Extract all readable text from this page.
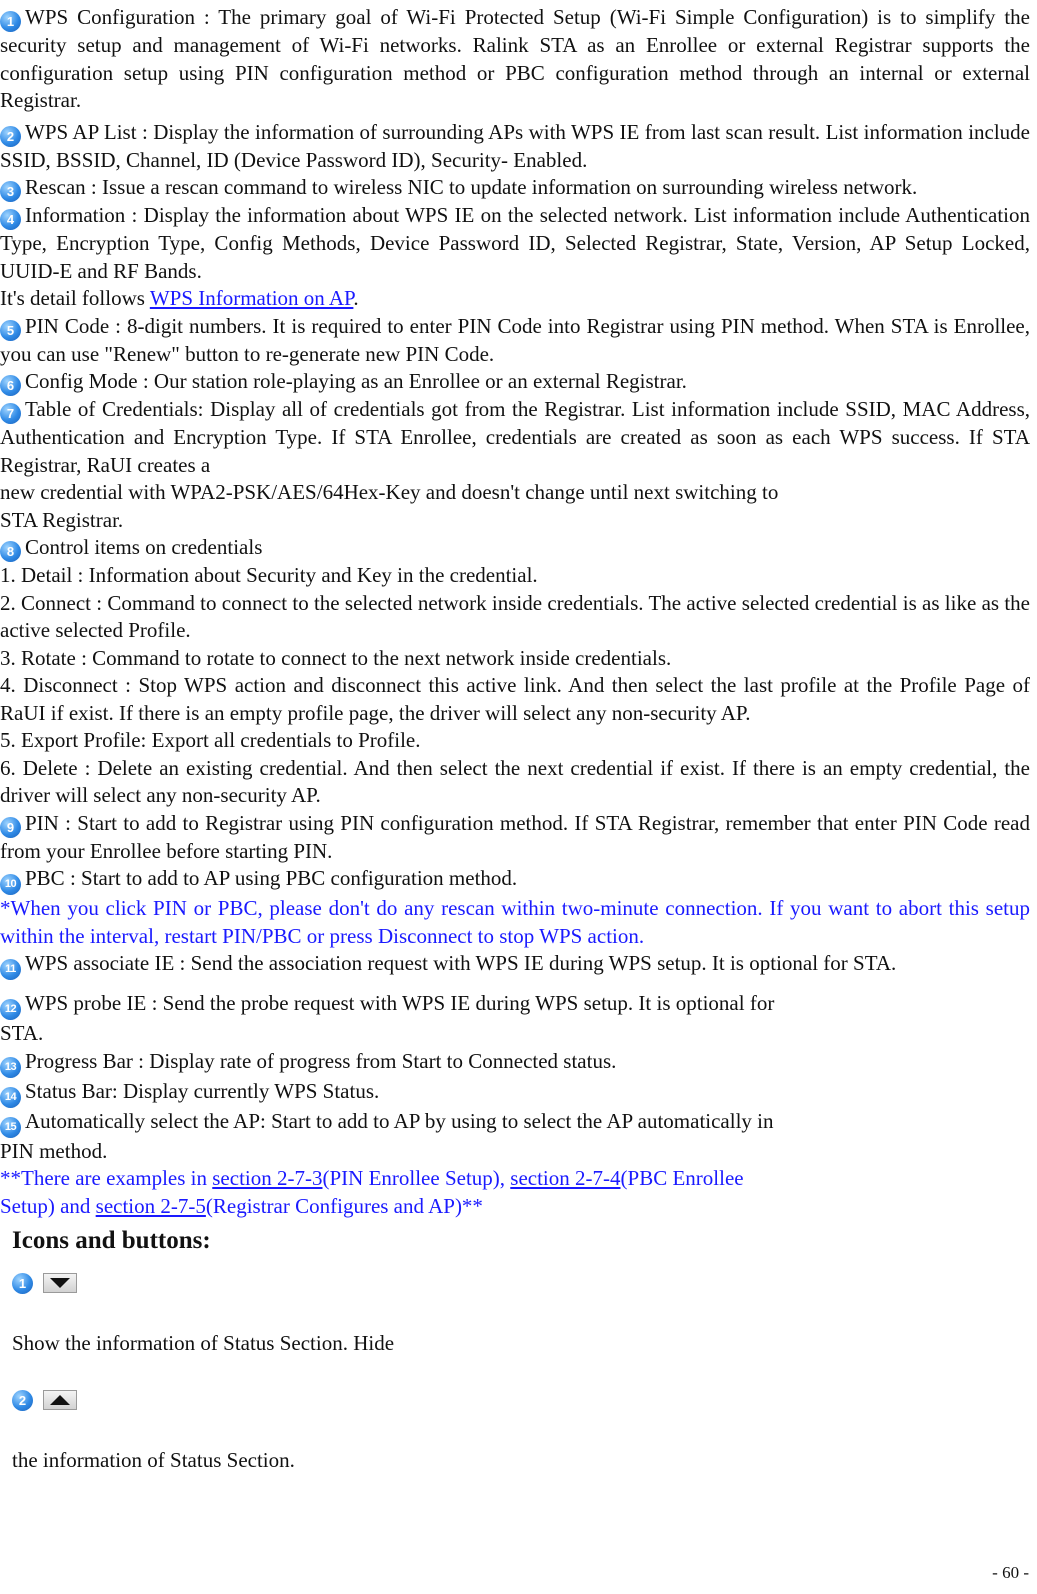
1 WPS Configuration : The primary goal of Wi-Fi Protected Setup (Wi-Fi Simple Configuration) is to simplify the security setup and management of Wi-Fi networks. Ralink STA as an Enrollee or external Registrar supports the configuration setup using PIN configuration method or PBC configuration method through an internal or external Registrar.

2 WPS AP List : Display the information of surrounding APs with WPS IE from last scan result. List information include SSID, BSSID, Channel, ID (Device Password ID), Security- Enabled.

3 Rescan : Issue a rescan command to wireless NIC to update information on surrounding wireless network.

4 Information : Display the information about WPS IE on the selected network. List information include Authentication Type, Encryption Type, Config Methods, Device Password ID, Selected Registrar, State, Version, AP Setup Locked, UUID-E and RF Bands.

It's detail follows WPS Information on AP.

5 PIN Code : 8-digit numbers. It is required to enter PIN Code into Registrar using PIN method. When STA is Enrollee, you can use "Renew" button to re-generate new PIN Code.

6 Config Mode : Our station role-playing as an Enrollee or an external Registrar.

7 Table of Credentials: Display all of credentials got from the Registrar. List information include SSID, MAC Address, Authentication and Encryption Type. If STA Enrollee, credentials are created as soon as each WPS success. If STA Registrar, RaUI creates a

new credential with WPA2-PSK/AES/64Hex-Key and doesn't change until next switching to

STA Registrar.

8 Control items on credentials

1. Detail : Information about Security and Key in the credential.

2. Connect : Command to connect to the selected network inside credentials. The active selected credential is as like as the active selected Profile.

3. Rotate : Command to rotate to connect to the next network inside credentials.

4. Disconnect : Stop WPS action and disconnect this active link. And then select the last profile at the Profile Page of RaUI if exist. If there is an empty profile page, the driver will select any non-security AP.

5. Export Profile: Export all credentials to Profile.

6. Delete : Delete an existing credential. And then select the next credential if exist. If there is an empty credential, the driver will select any non-security AP.

9 PIN : Start to add to Registrar using PIN configuration method. If STA Registrar, remember that enter PIN Code read from your Enrollee before starting PIN.

10 PBC : Start to add to AP using PBC configuration method.

*When you click PIN or PBC, please don't do any rescan within two-minute connection. If you want to abort this setup within the interval, restart PIN/PBC or press Disconnect to stop WPS action.

11 WPS associate IE : Send the association request with WPS IE during WPS setup. It is optional for STA.

12 WPS probe IE : Send the probe request with WPS IE during WPS setup. It is optional for

STA.

13 Progress Bar : Display rate of progress from Start to Connected status.

14 Status Bar: Display currently WPS Status.

15 Automatically select the AP: Start to add to AP by using to select the AP automatically in

PIN method.

**There are examples in section 2-7-3(PIN Enrollee Setup), section 2-7-4(PBC Enrollee
Setup) and section 2-7-5(Registrar Configures and AP)**

Icons and buttons:
1

Show the information of Status Section. Hide

2

the information of Status Section.

- 60 -
